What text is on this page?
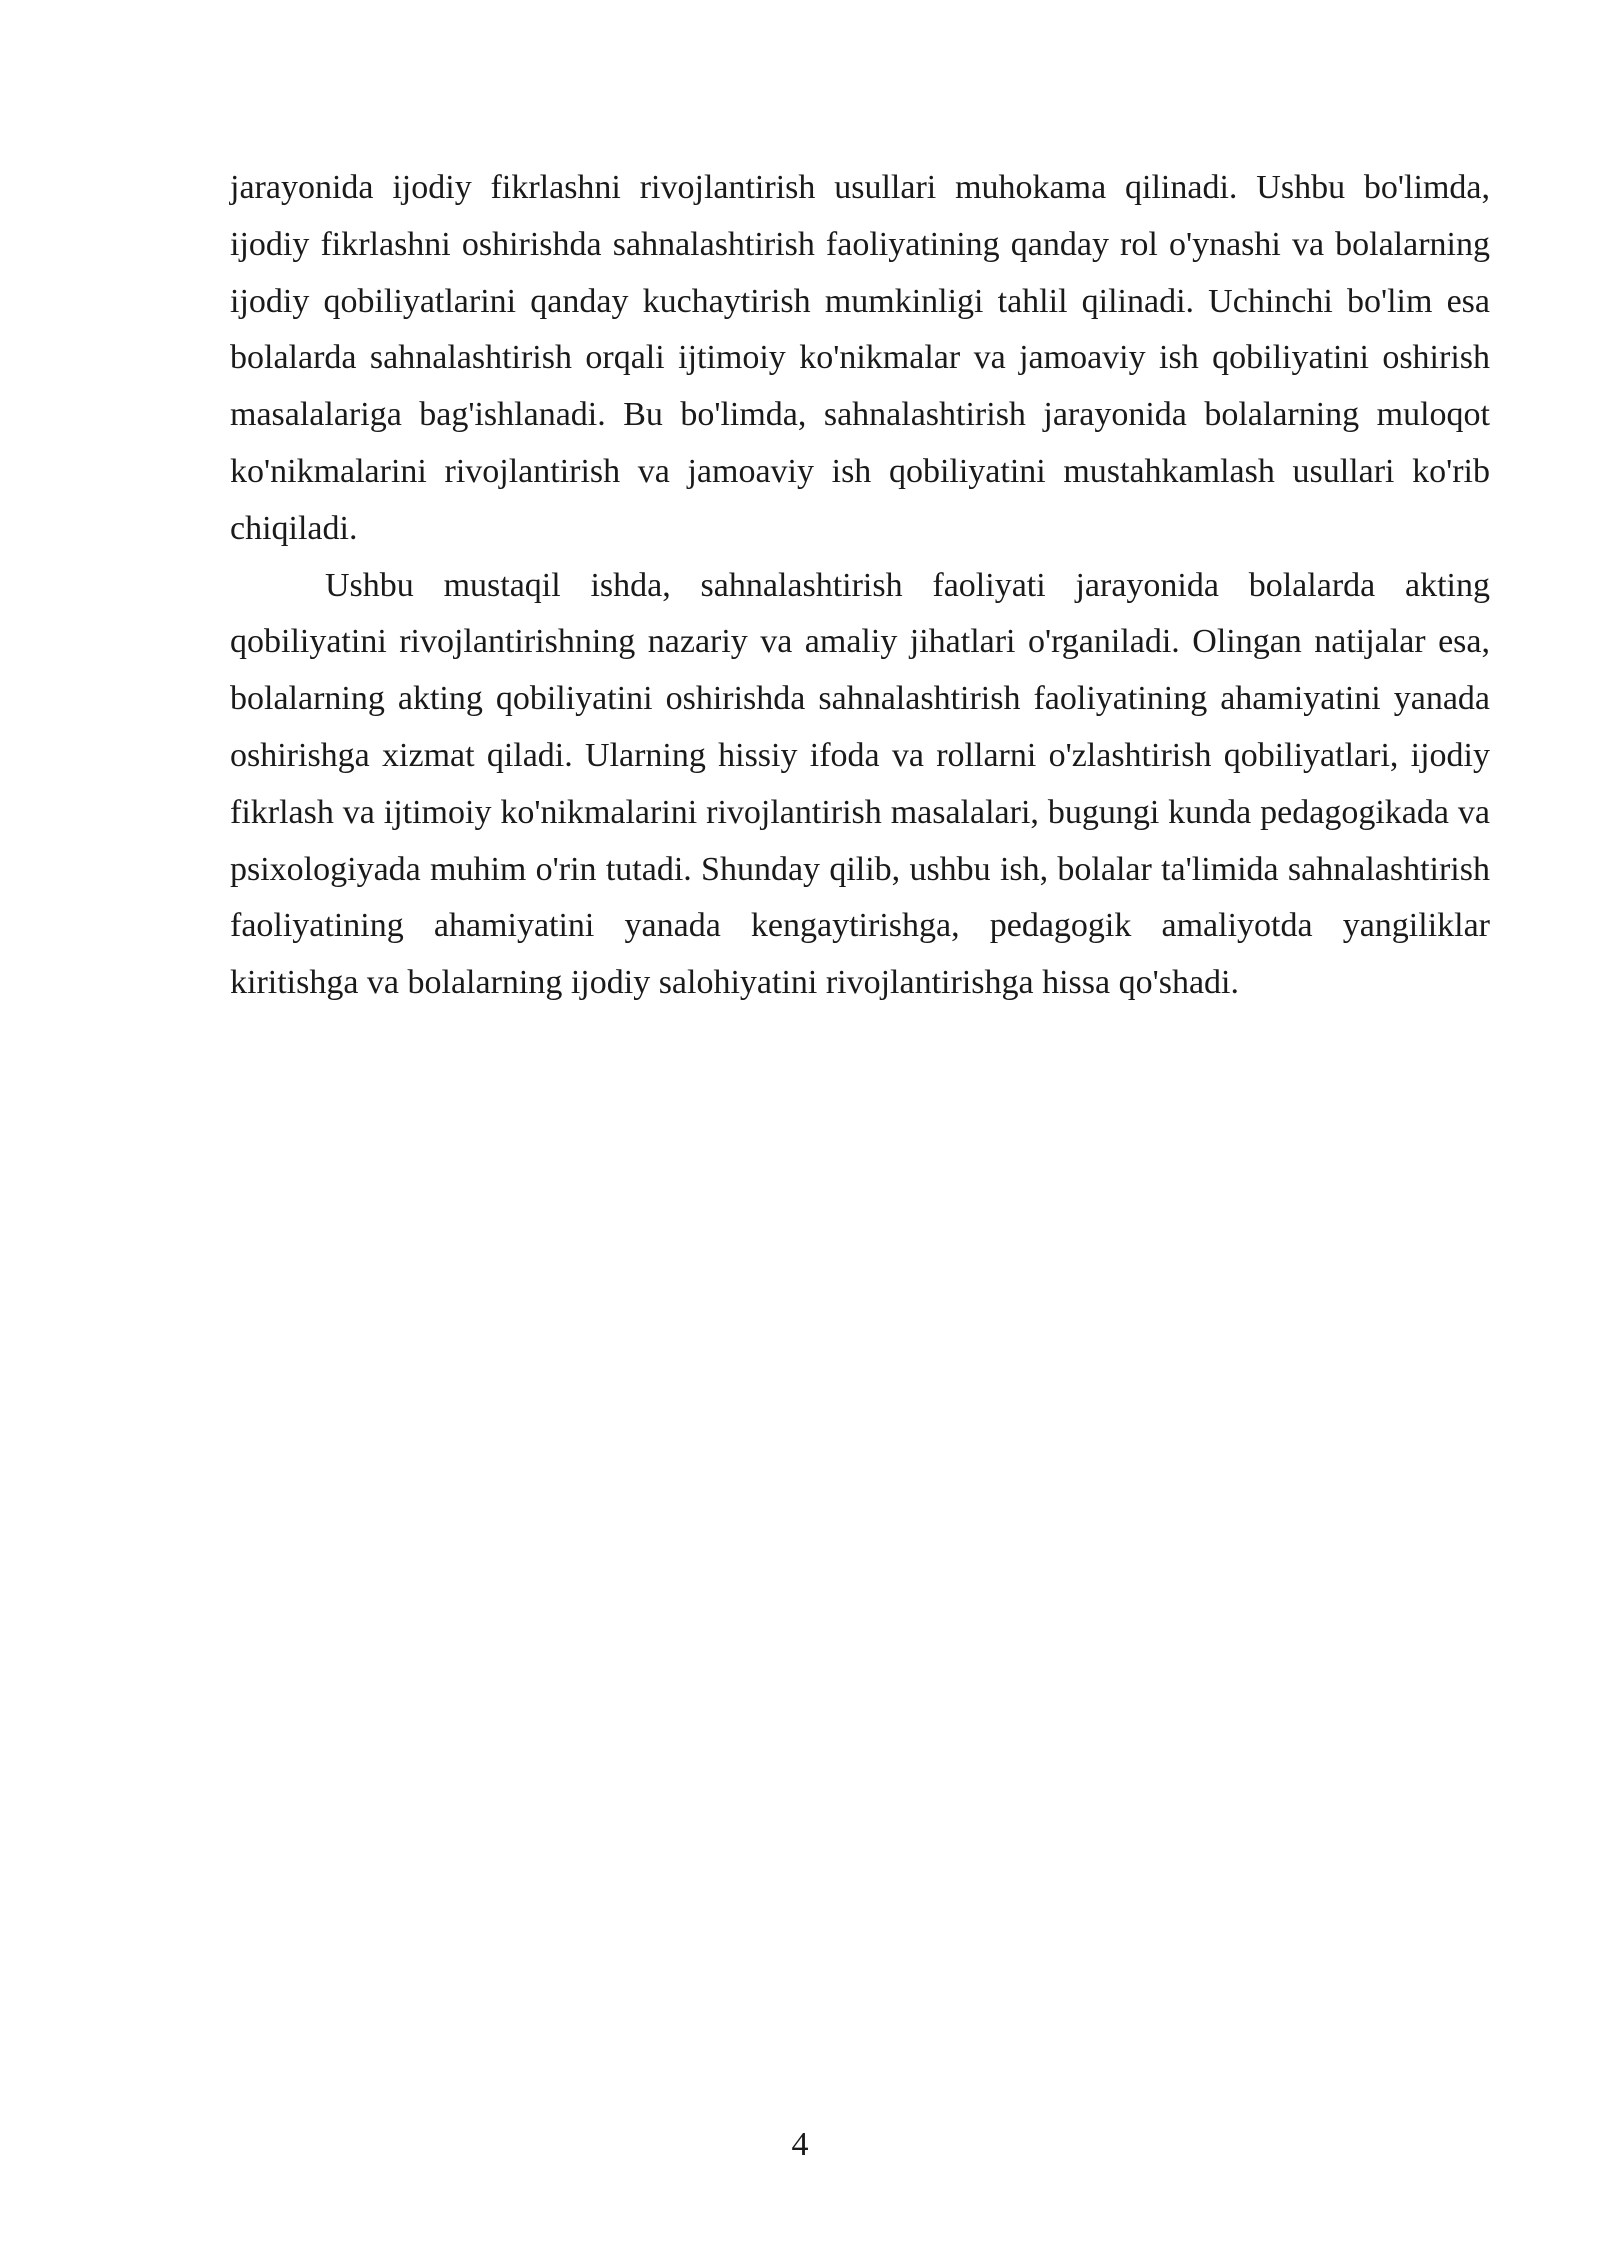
jarayonida ijodiy fikrlashni rivojlantirish usullari muhokama qilinadi. Ushbu bo'limda, ijodiy fikrlashni oshirishda sahnalashtirish faoliyatining qanday rol o'ynashi va bolalarning ijodiy qobiliyatlarini qanday kuchaytirish mumkinligi tahlil qilinadi. Uchinchi bo'lim esa bolalarda sahnalashtirish orqali ijtimoiy ko'nikmalar va jamoaviy ish qobiliyatini oshirish masalalariga bag'ishlanadi. Bu bo'limda, sahnalashtirish jarayonida bolalarning muloqot ko'nikmalarini rivojlantirish va jamoaviy ish qobiliyatini mustahkamlash usullari ko'rib chiqiladi.

Ushbu mustaqil ishda, sahnalashtirish faoliyati jarayonida bolalarda akting qobiliyatini rivojlantirishning nazariy va amaliy jihatlari o'rganiladi. Olingan natijalar esa, bolalarning akting qobiliyatini oshirishda sahnalashtirish faoliyatining ahamiyatini yanada oshirishga xizmat qiladi. Ularning hissiy ifoda va rollarni o'zlashtirish qobiliyatlari, ijodiy fikrlash va ijtimoiy ko'nikmalarini rivojlantirish masalalari, bugungi kunda pedagogikada va psixologiyada muhim o'rin tutadi. Shunday qilib, ushbu ish, bolalar ta'limida sahnalashtirish faoliyatining ahamiyatini yanada kengaytirishga, pedagogik amaliyotda yangiliklar kiritishga va bolalarning ijodiy salohiyatini rivojlantirishga hissa qo'shadi.

4
